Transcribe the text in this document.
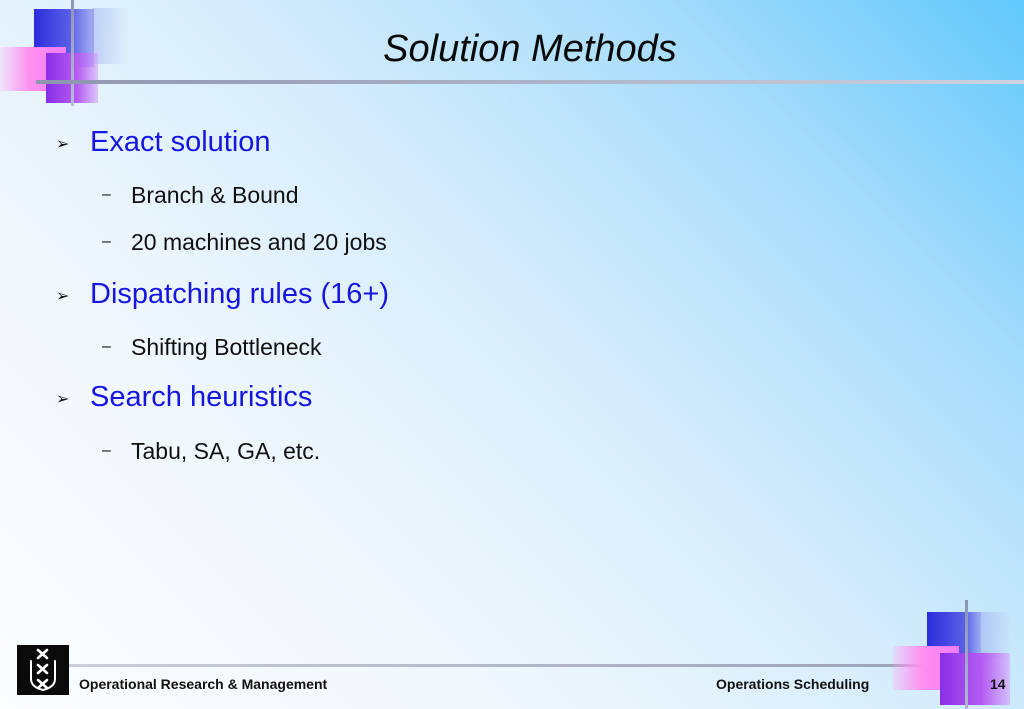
Solution Methods
➢ Exact solution
– Branch & Bound
– 20 machines and 20 jobs
➢ Dispatching rules (16+)
– Shifting Bottleneck
➢ Search heuristics
– Tabu, SA, GA, etc.
Operational Research & Management	Operations Scheduling	14
